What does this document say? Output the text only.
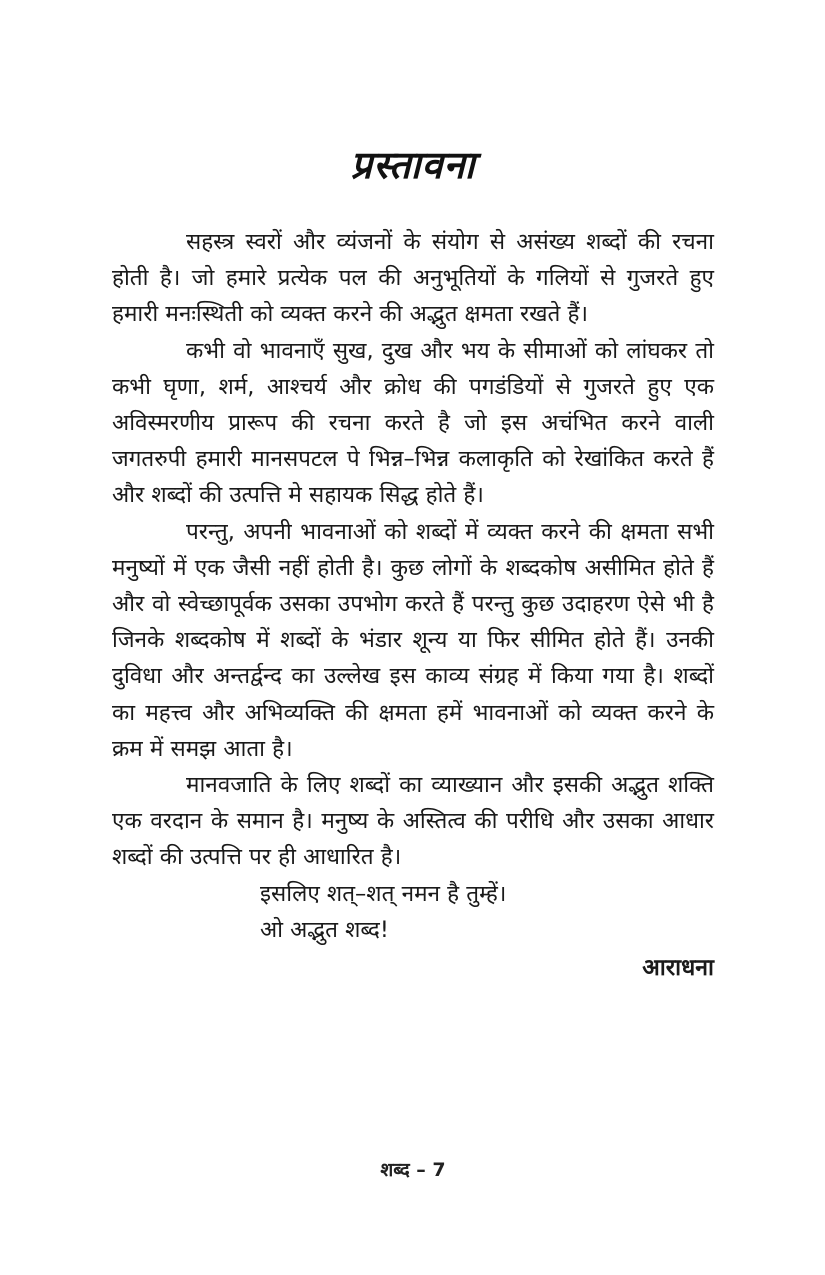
प्रस्तावना

सहस्त्र स्वरों और व्यंजनों के संयोग से असंख्य शब्दों की रचना होती है। जो हमारे प्रत्येक पल की अनुभूतियों के गलियों से गुजरते हुए हमारी मनःस्थिती को व्यक्त करने की अद्भुत क्षमता रखते हैं।

कभी वो भावनाएँ सुख, दुख और भय के सीमाओं को लांघकर तो कभी घृणा, शर्म, आश्चर्य और क्रोध की पगडंडियों से गुजरते हुए एक अविस्मरणीय प्रारूप की रचना करते है जो इस अचंभित करने वाली जगतरुपी हमारी मानसपटल पे भिन्न–भिन्न कलाकृति को रेखांकित करते हैं और शब्दों की उत्पत्ति मे सहायक सिद्ध होते हैं।

परन्तु, अपनी भावनाओं को शब्दों में व्यक्त करने की क्षमता सभी मनुष्यों में एक जैसी नहीं होती है। कुछ लोगों के शब्दकोष असीमित होते हैं और वो स्वेच्छापूर्वक उसका उपभोग करते हैं परन्तु कुछ उदाहरण ऐसे भी है जिनके शब्दकोष में शब्दों के भंडार शून्य या फिर सीमित होते हैं। उनकी दुविधा और अन्तर्द्वन्द का उल्लेख इस काव्य संग्रह में किया गया है। शब्दों का महत्त्व और अभिव्यक्ति की क्षमता हमें भावनाओं को व्यक्त करने के क्रम में समझ आता है।

मानवजाति के लिए शब्दों का व्याख्यान और इसकी अद्भुत शक्ति एक वरदान के समान है। मनुष्य के अस्तित्व की परीधि और उसका आधार शब्दों की उत्पत्ति पर ही आधारित है।

इसलिए शत्–शत् नमन है तुम्हें।

ओ अद्भुत शब्द!

आराधना
शब्द – 7
